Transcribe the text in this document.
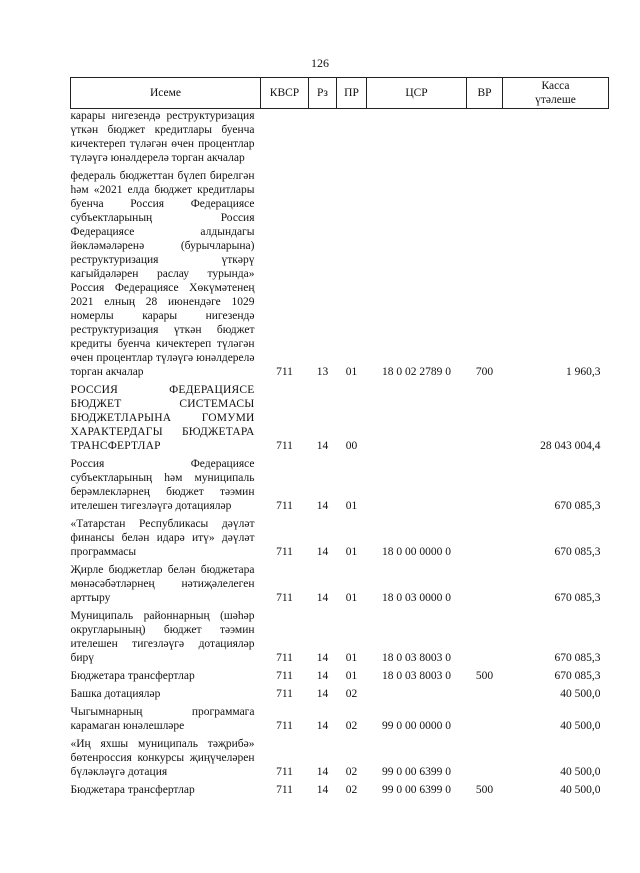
126
Исеме	КВСР	Рз	ПР	ЦСР	ВР	Касса
үтәлеше

карары нигезендә реструктуризация үткән бюджет кредитлары буенча кичектереп түләгән өчен процентлар түләүгә юнәлдерелә торган акчалар						
федераль бюджеттан бүлеп бирелгән һәм «2021 елда бюджет кредитлары буенча Россия Федерациясе субъектларының Россия Федерациясе алдындагы йөкләмәләренә (бурычларына) реструктуризация үткәрү кагыйдәләрен раслау турында» Россия Федерациясе Хөкүмәтенең 2021 елның 28 июнендәге 1029 номерлы карары нигезендә реструктуризация үткән бюджет кредиты буенча кичектереп түләгән өчен процентлар түләүгә юнәлдерелә торган акчалар	711	13	01	18 0 02 2789 0	700	1 960,3
РОССИЯ ФЕДЕРАЦИЯСЕ БЮДЖЕТ СИСТЕМАСЫ БЮДЖЕТЛАРЫНА ГОМУМИ ХАРАКТЕРДАГЫ БЮДЖЕТАРА ТРАНСФЕРТЛАР	711	14	00			28 043 004,4
Россия Федерациясе субъектларының һәм муниципаль берәмлекләрнең бюджет тәэмин ителешен тигезләүгә дотацияләр	711	14	01			670 085,3
«Татарстан Республикасы дәүләт финансы белән идарә итү» дәүләт программасы	711	14	01	18 0 00 0000 0		670 085,3
Җирле бюджетлар белән бюджетара мөнәсәбәтләрнең нәтиҗәлелеген арттыру	711	14	01	18 0 03 0000 0		670 085,3
Муниципаль районнарның (шәһәр округларының) бюджет тәэмин ителешен тигезләүгә дотацияләр бирү	711	14	01	18 0 03 8003 0		670 085,3
Бюджетара трансфертлар	711	14	01	18 0 03 8003 0	500	670 085,3
Башка дотацияләр	711	14	02			40 500,0
Чыгымнарның программага карамаган юнәлешләре	711	14	02	99 0 00 0000 0		40 500,0
«Иң яхшы муниципаль тәҗрибә» бөтенроссия конкурсы җиңүчеләрен бүләкләүгә дотация	711	14	02	99 0 00 6399 0		40 500,0
Бюджетара трансфертлар	711	14	02	99 0 00 6399 0	500	40 500,0
